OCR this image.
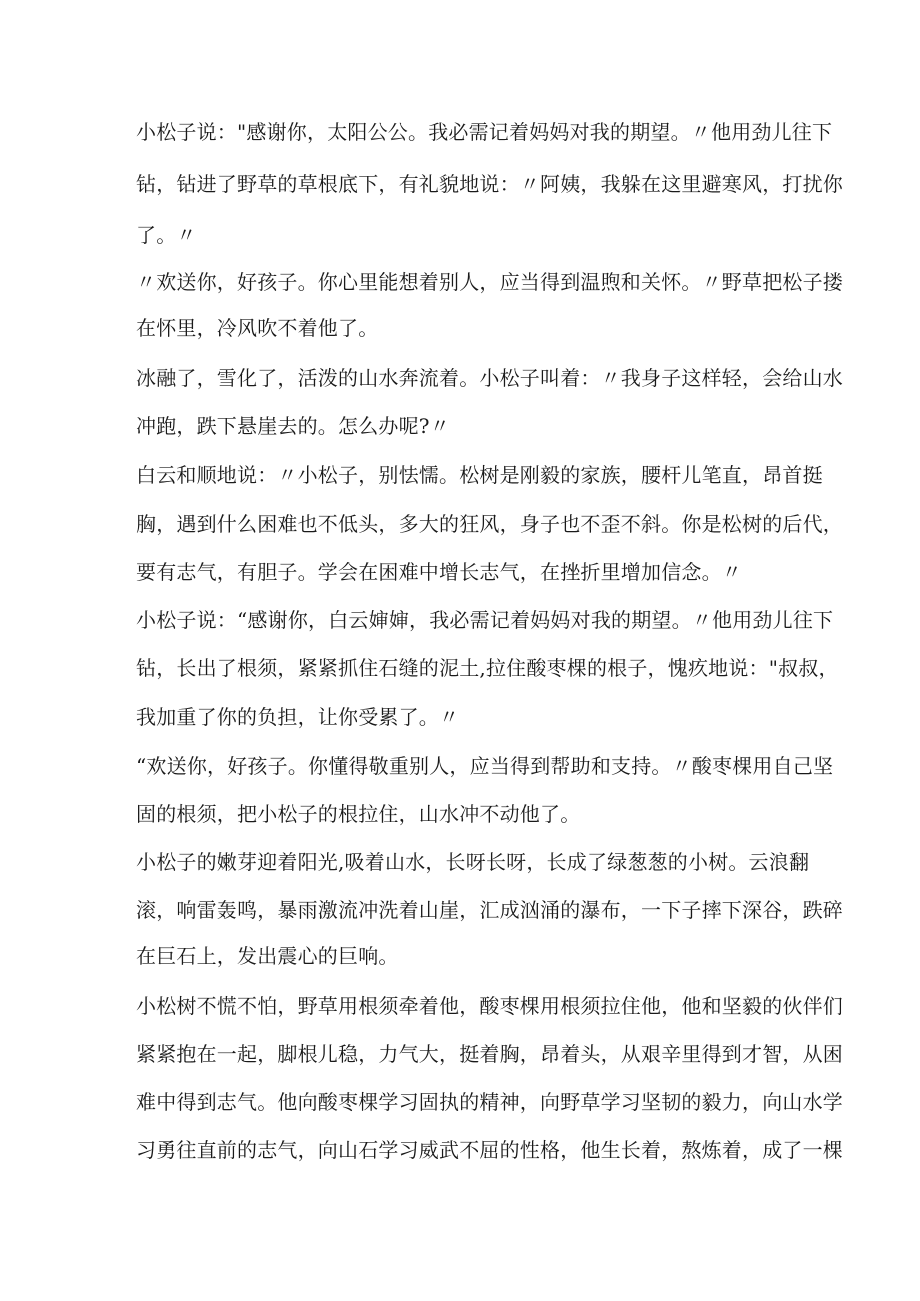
小松子说："感谢你，太阳公公。我必需记着妈妈对我的期望。〃他用劲儿往下

钻，钻进了野草的草根底下，有礼貌地说：〃阿姨，我躲在这里避寒风，打扰你

了。〃

〃欢送你，好孩子。你心里能想着别人，应当得到温煦和关怀。〃野草把松子搂

在怀里，冷风吹不着他了。

冰融了，雪化了，活泼的山水奔流着。小松子叫着：〃我身子这样轻，会给山水

冲跑，跌下悬崖去的。怎么办呢?〃

白云和顺地说：〃小松子，别怯懦。松树是刚毅的家族，腰杆儿笔直，昂首挺

胸，遇到什么困难也不低头，多大的狂风，身子也不歪不斜。你是松树的后代，

要有志气，有胆子。学会在困难中增长志气，在挫折里增加信念。〃

小松子说：“感谢你，白云婶婶，我必需记着妈妈对我的期望。〃他用劲儿往下

钻，长出了根须，紧紧抓住石缝的泥土,拉住酸枣棵的根子，愧疚地说："叔叔，

我加重了你的负担，让你受累了。〃

“欢送你，好孩子。你懂得敬重别人，应当得到帮助和支持。〃酸枣棵用自己坚

固的根须，把小松子的根拉住，山水冲不动他了。

小松子的嫩芽迎着阳光,吸着山水，长呀长呀，长成了绿葱葱的小树。云浪翻

滚，响雷轰鸣，暴雨激流冲洗着山崖，汇成汹涌的瀑布，一下子摔下深谷，跌碎

在巨石上，发出震心的巨响。

小松树不慌不怕，野草用根须牵着他，酸枣棵用根须拉住他，他和坚毅的伙伴们

紧紧抱在一起，脚根儿稳，力气大，挺着胸，昂着头，从艰辛里得到才智，从困

难中得到志气。他向酸枣棵学习固执的精神，向野草学习坚韧的毅力，向山水学

习勇往直前的志气，向山石学习威武不屈的性格，他生长着，熬炼着，成了一棵
